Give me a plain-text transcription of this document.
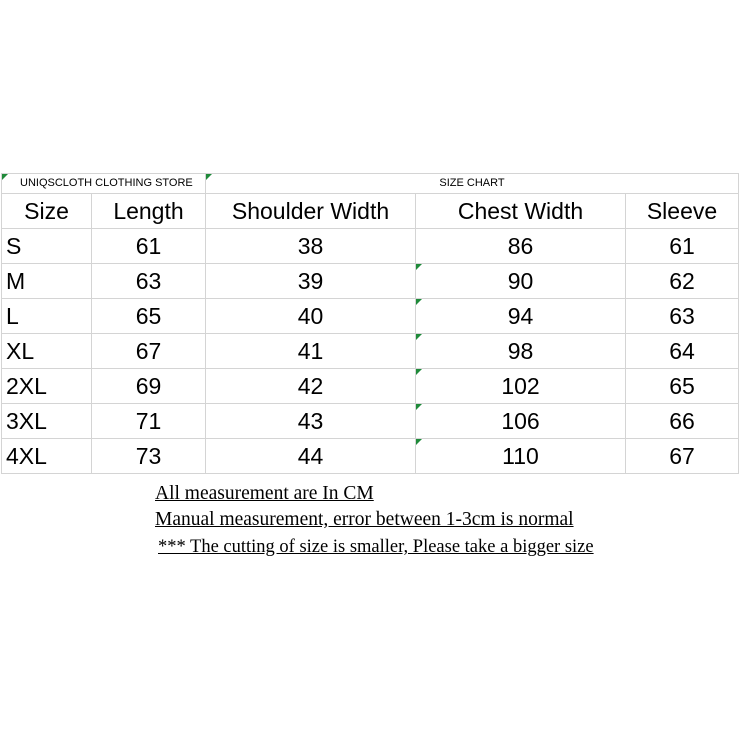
UNIQSCLOTH CLOTHING STORE		SIZE CHART		
Size	Length	Shoulder Width	Chest Width	Sleeve
S	61	38	86	61
M	63	39	90	62
L	65	40	94	63
XL	67	41	98	64
2XL	69	42	102	65
3XL	71	43	106	66
4XL	73	44	110	67
All measurement are In CM
Manual measurement, error between 1-3cm is normal
*** The cutting of size is smaller, Please take a bigger size
